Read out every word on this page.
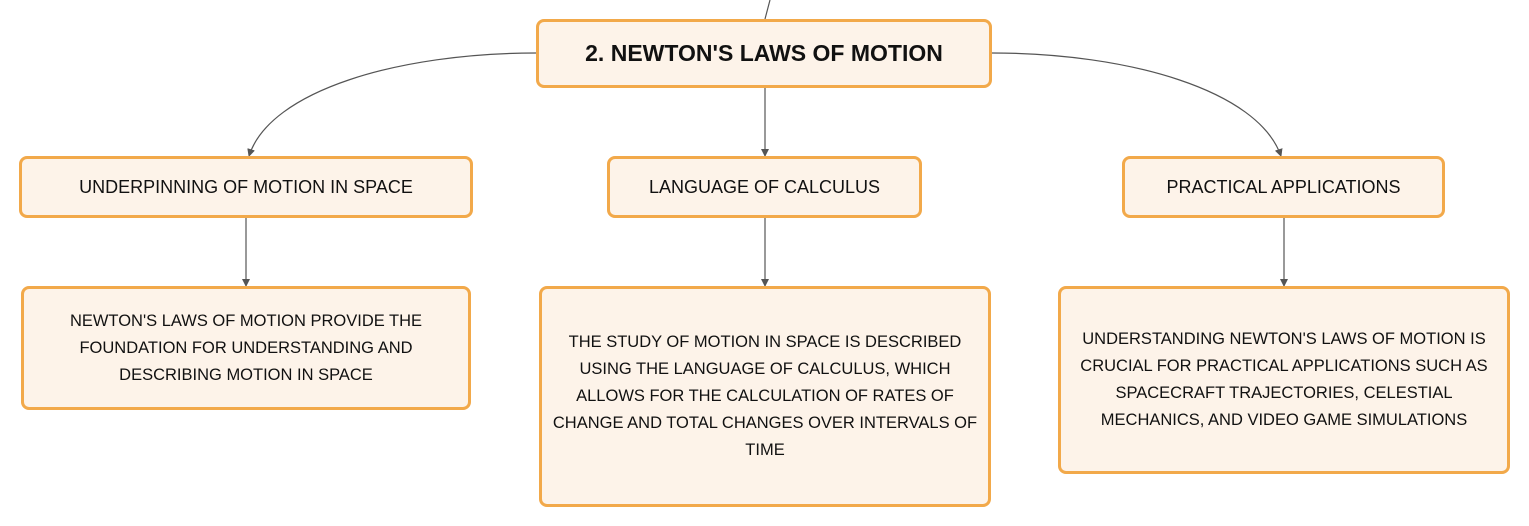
2. NEWTON'S LAWS OF MOTION
UNDERPINNING OF MOTION IN SPACE	LANGUAGE OF CALCULUS	PRACTICAL APPLICATIONS
NEWTON'S LAWS OF MOTION PROVIDE THE FOUNDATION FOR UNDERSTANDING AND DESCRIBING MOTION IN SPACE
THE STUDY OF MOTION IN SPACE IS DESCRIBED USING THE LANGUAGE OF CALCULUS, WHICH ALLOWS FOR THE CALCULATION OF RATES OF CHANGE AND TOTAL CHANGES OVER INTERVALS OF TIME
UNDERSTANDING NEWTON'S LAWS OF MOTION IS CRUCIAL FOR PRACTICAL APPLICATIONS SUCH AS SPACECRAFT TRAJECTORIES, CELESTIAL MECHANICS, AND VIDEO GAME SIMULATIONS
